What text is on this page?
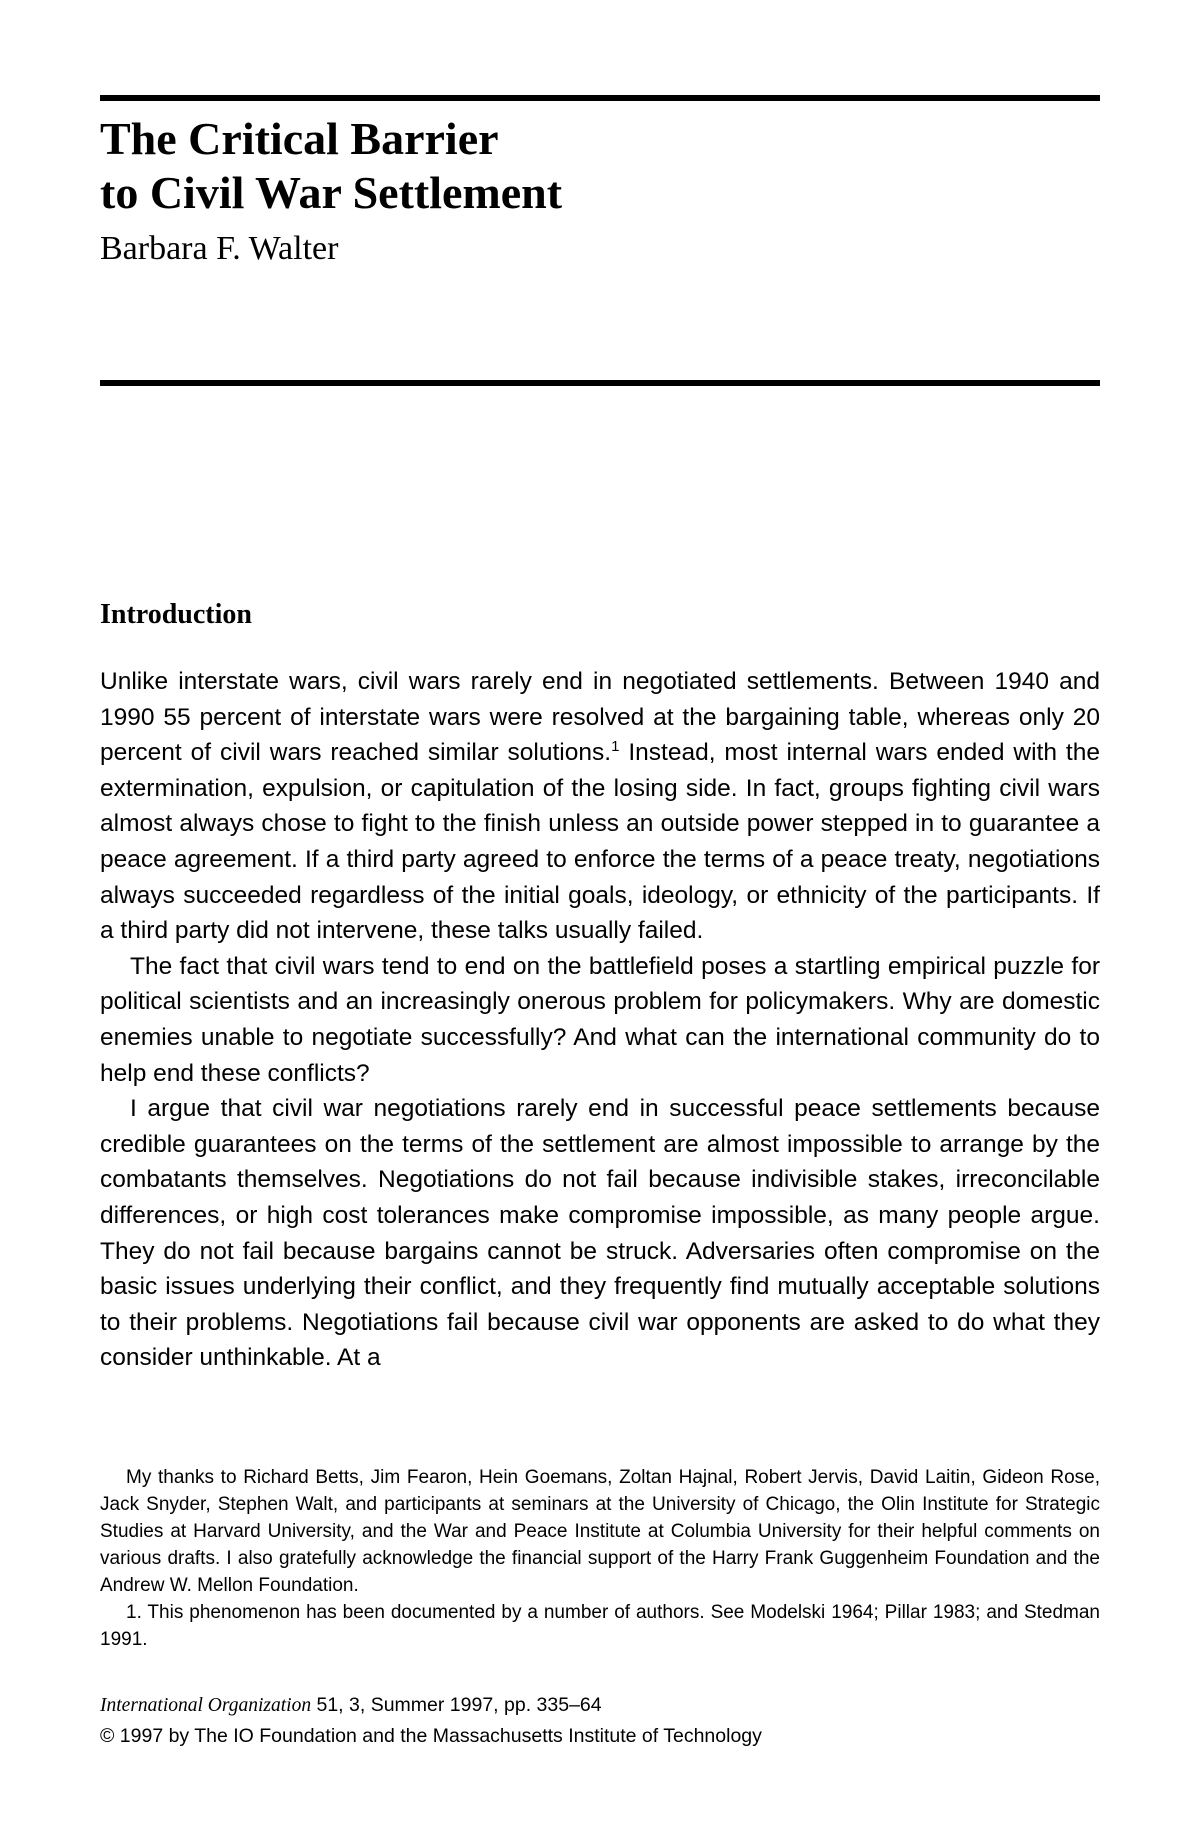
The Critical Barrier
to Civil War Settlement
Barbara F. Walter
Introduction

Unlike interstate wars, civil wars rarely end in negotiated settlements. Between 1940 and 1990 55 percent of interstate wars were resolved at the bargaining table, whereas only 20 percent of civil wars reached similar solutions.$^1$ Instead, most internal wars ended with the extermination, expulsion, or capitulation of the losing side. In fact, groups fighting civil wars almost always chose to fight to the finish unless an outside power stepped in to guarantee a peace agreement. If a third party agreed to enforce the terms of a peace treaty, negotiations always succeeded regardless of the initial goals, ideology, or ethnicity of the participants. If a third party did not intervene, these talks usually failed.

The fact that civil wars tend to end on the battlefield poses a startling empirical puzzle for political scientists and an increasingly onerous problem for policymakers. Why are domestic enemies unable to negotiate successfully? And what can the international community do to help end these conflicts?

I argue that civil war negotiations rarely end in successful peace settlements because credible guarantees on the terms of the settlement are almost impossible to arrange by the combatants themselves. Negotiations do not fail because indivisible stakes, irreconcilable differences, or high cost tolerances make compromise impossible, as many people argue. They do not fail because bargains cannot be struck. Adversaries often compromise on the basic issues underlying their conflict, and they frequently find mutually acceptable solutions to their problems. Negotiations fail because civil war opponents are asked to do what they consider unthinkable. At a

My thanks to Richard Betts, Jim Fearon, Hein Goemans, Zoltan Hajnal, Robert Jervis, David Laitin, Gideon Rose, Jack Snyder, Stephen Walt, and participants at seminars at the University of Chicago, the Olin Institute for Strategic Studies at Harvard University, and the War and Peace Institute at Columbia University for their helpful comments on various drafts. I also gratefully acknowledge the financial support of the Harry Frank Guggenheim Foundation and the Andrew W. Mellon Foundation.

1. This phenomenon has been documented by a number of authors. See Modelski 1964; Pillar 1983; and Stedman 1991.

International Organization 51, 3, Summer 1997, pp. 335–64

© 1997 by The IO Foundation and the Massachusetts Institute of Technology
